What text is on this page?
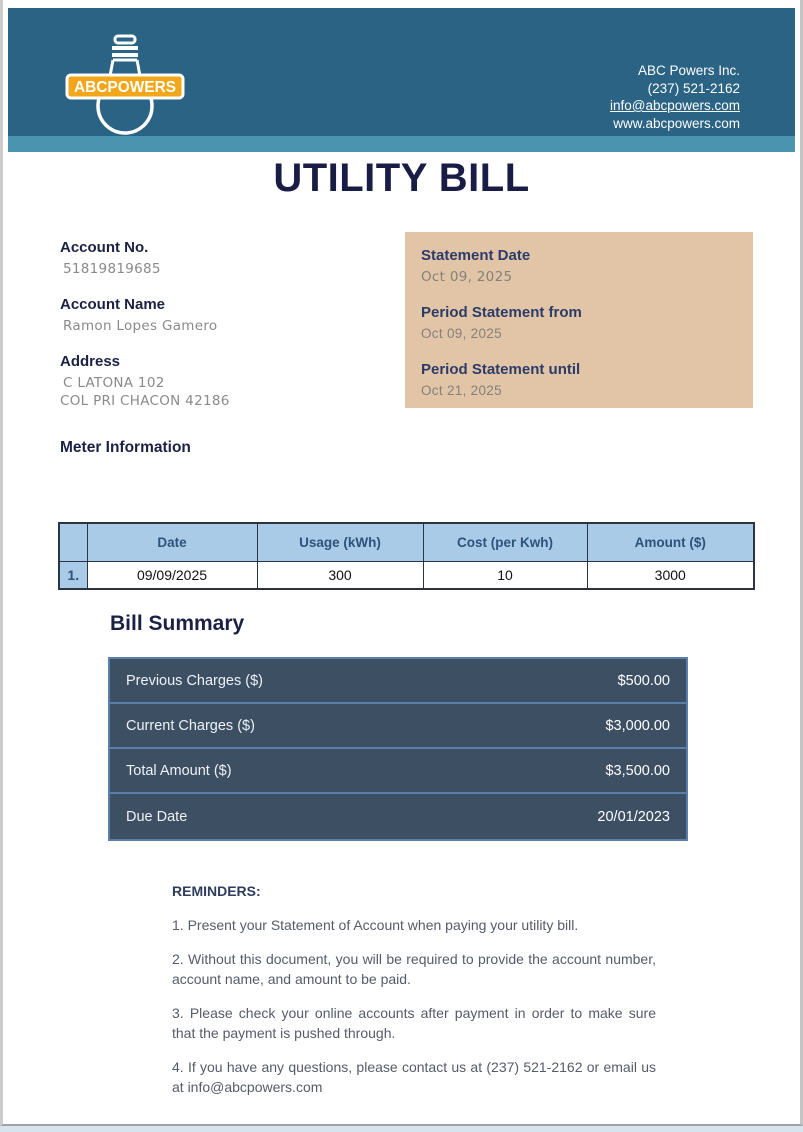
ABCPOWERS
ABC Powers Inc.
(237) 521-2162
info@abcpowers.com
www.abcpowers.com
UTILITY BILL
Account No.
51819819685
Account Name
Ramon Lopes Gamero
Address
C LATONA 102
COL PRI CHACON 42186
Statement Date
Oct 09, 2025
Period Statement from
Oct 09, 2025
Period Statement until
Oct 21, 2025
Meter Information
	Date	Usage (kWh)	Cost (per Kwh)	Amount ($)
1.	09/09/2025	300	10	3000
Bill Summary
Previous Charges ($)	$500.00
Current Charges ($)	$3,000.00
Total Amount ($)	$3,500.00
Due Date	20/01/2023
REMINDERS:
1. Present your Statement of Account when paying your utility bill.
2. Without this document, you will be required to provide the account number, account name, and amount to be paid.
3. Please check your online accounts after payment in order to make sure that the payment is pushed through.
4. If you have any questions, please contact us at (237) 521-2162 or email us at info@abcpowers.com
